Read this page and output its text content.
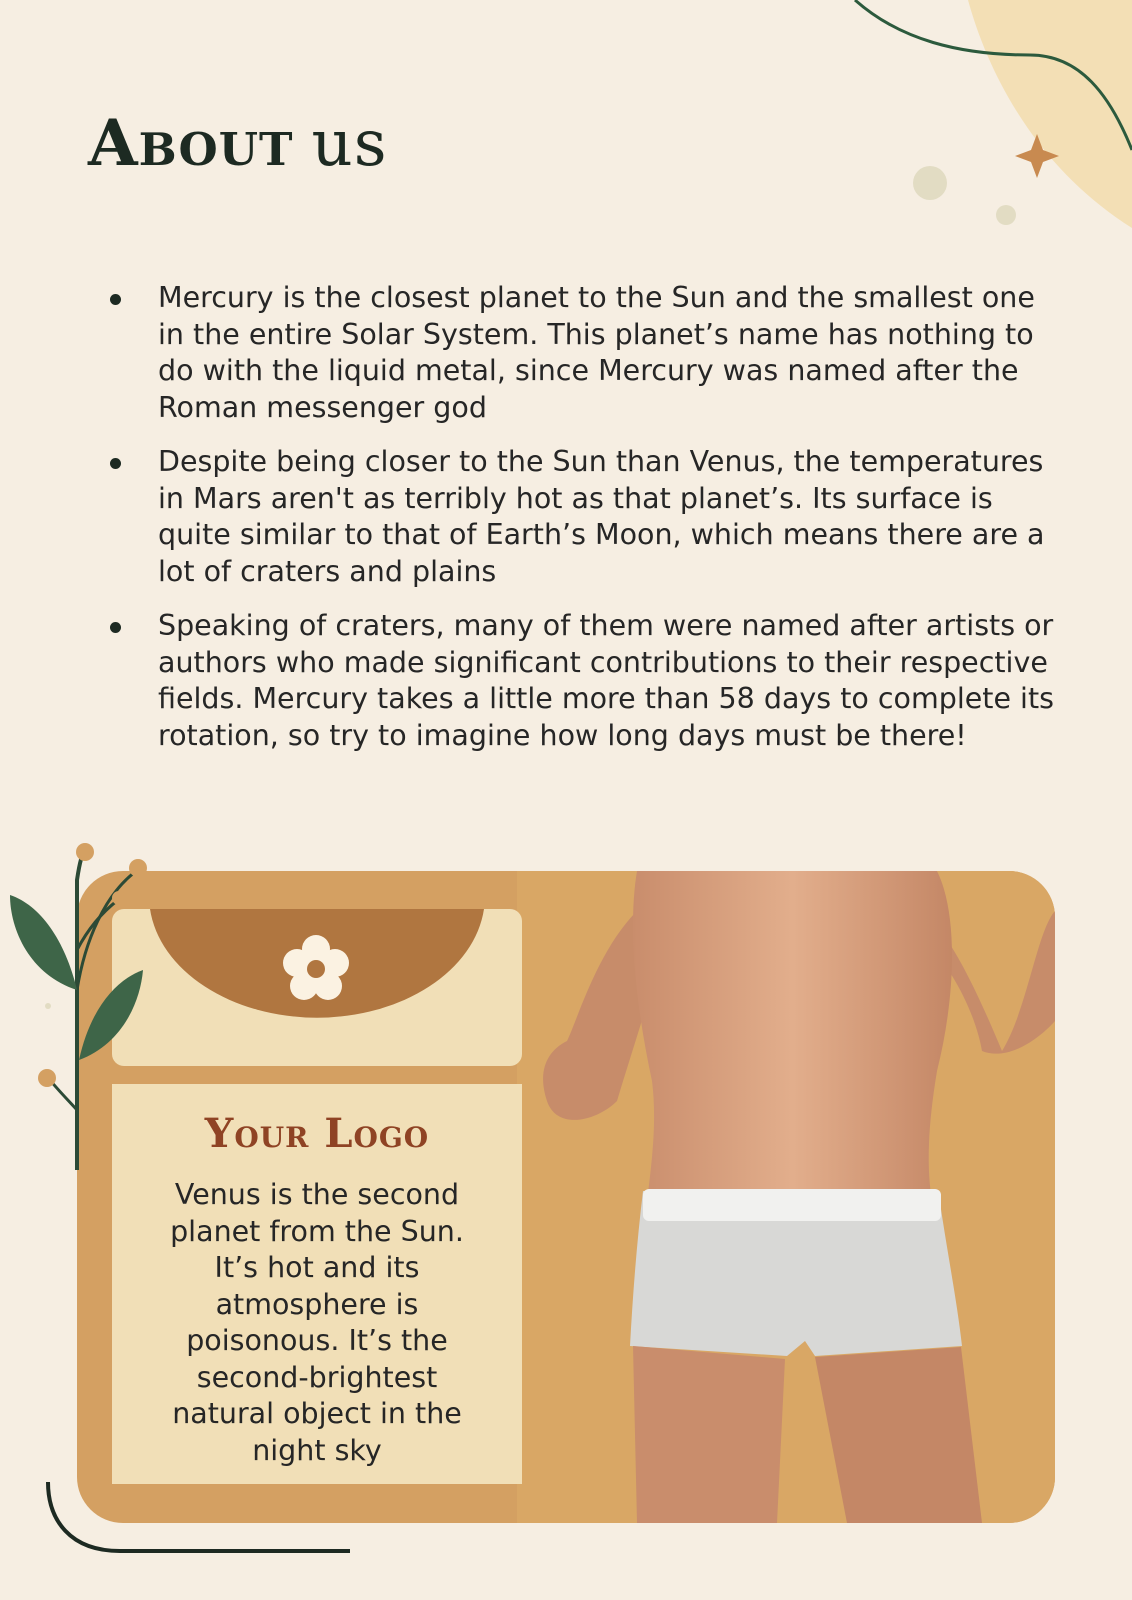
About us
Mercury is the closest planet to the Sun and the smallest one in the entire Solar System. This planet’s name has nothing to do with the liquid metal, since Mercury was named after the Roman messenger god
Despite being closer to the Sun than Venus, the temperatures in Mars aren't as terribly hot as that planet’s. Its surface is quite similar to that of Earth’s Moon, which means there are a lot of craters and plains
Speaking of craters, many of them were named after artists or authors who made significant contributions to their respective fields. Mercury takes a little more than 58 days to complete its rotation, so try to imagine how long days must be there!
Your Logo
Venus is the second planet from the Sun. It’s hot and its atmosphere is poisonous. It’s the second-brightest natural object in the night sky
